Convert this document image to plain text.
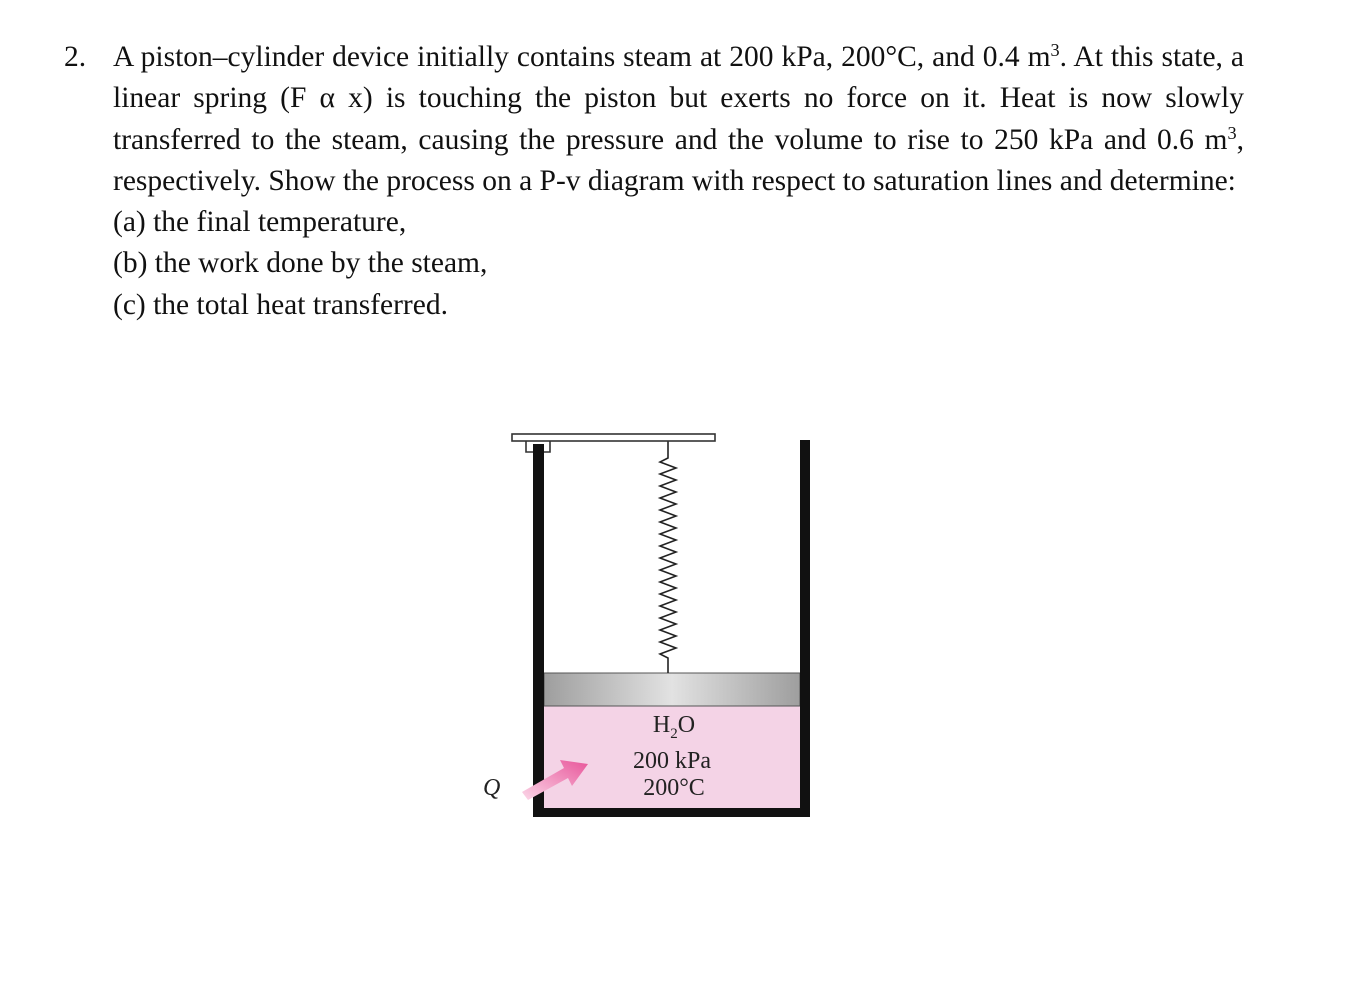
2. A piston–cylinder device initially contains steam at 200 kPa, 200°C, and 0.4 $m^3$. At this state, a linear spring (F α x) is touching the piston but exerts no force on it. Heat is now slowly transferred to the steam, causing the pressure and the volume to rise to 250 kPa and 0.6 $m^3$, respectively. Show the process on a P-v diagram with respect to saturation lines and determine:
(a) the final temperature,
(b) the work done by the steam,
(c) the total heat transferred.
$H_2O$
200 kPa
200°C
Q
